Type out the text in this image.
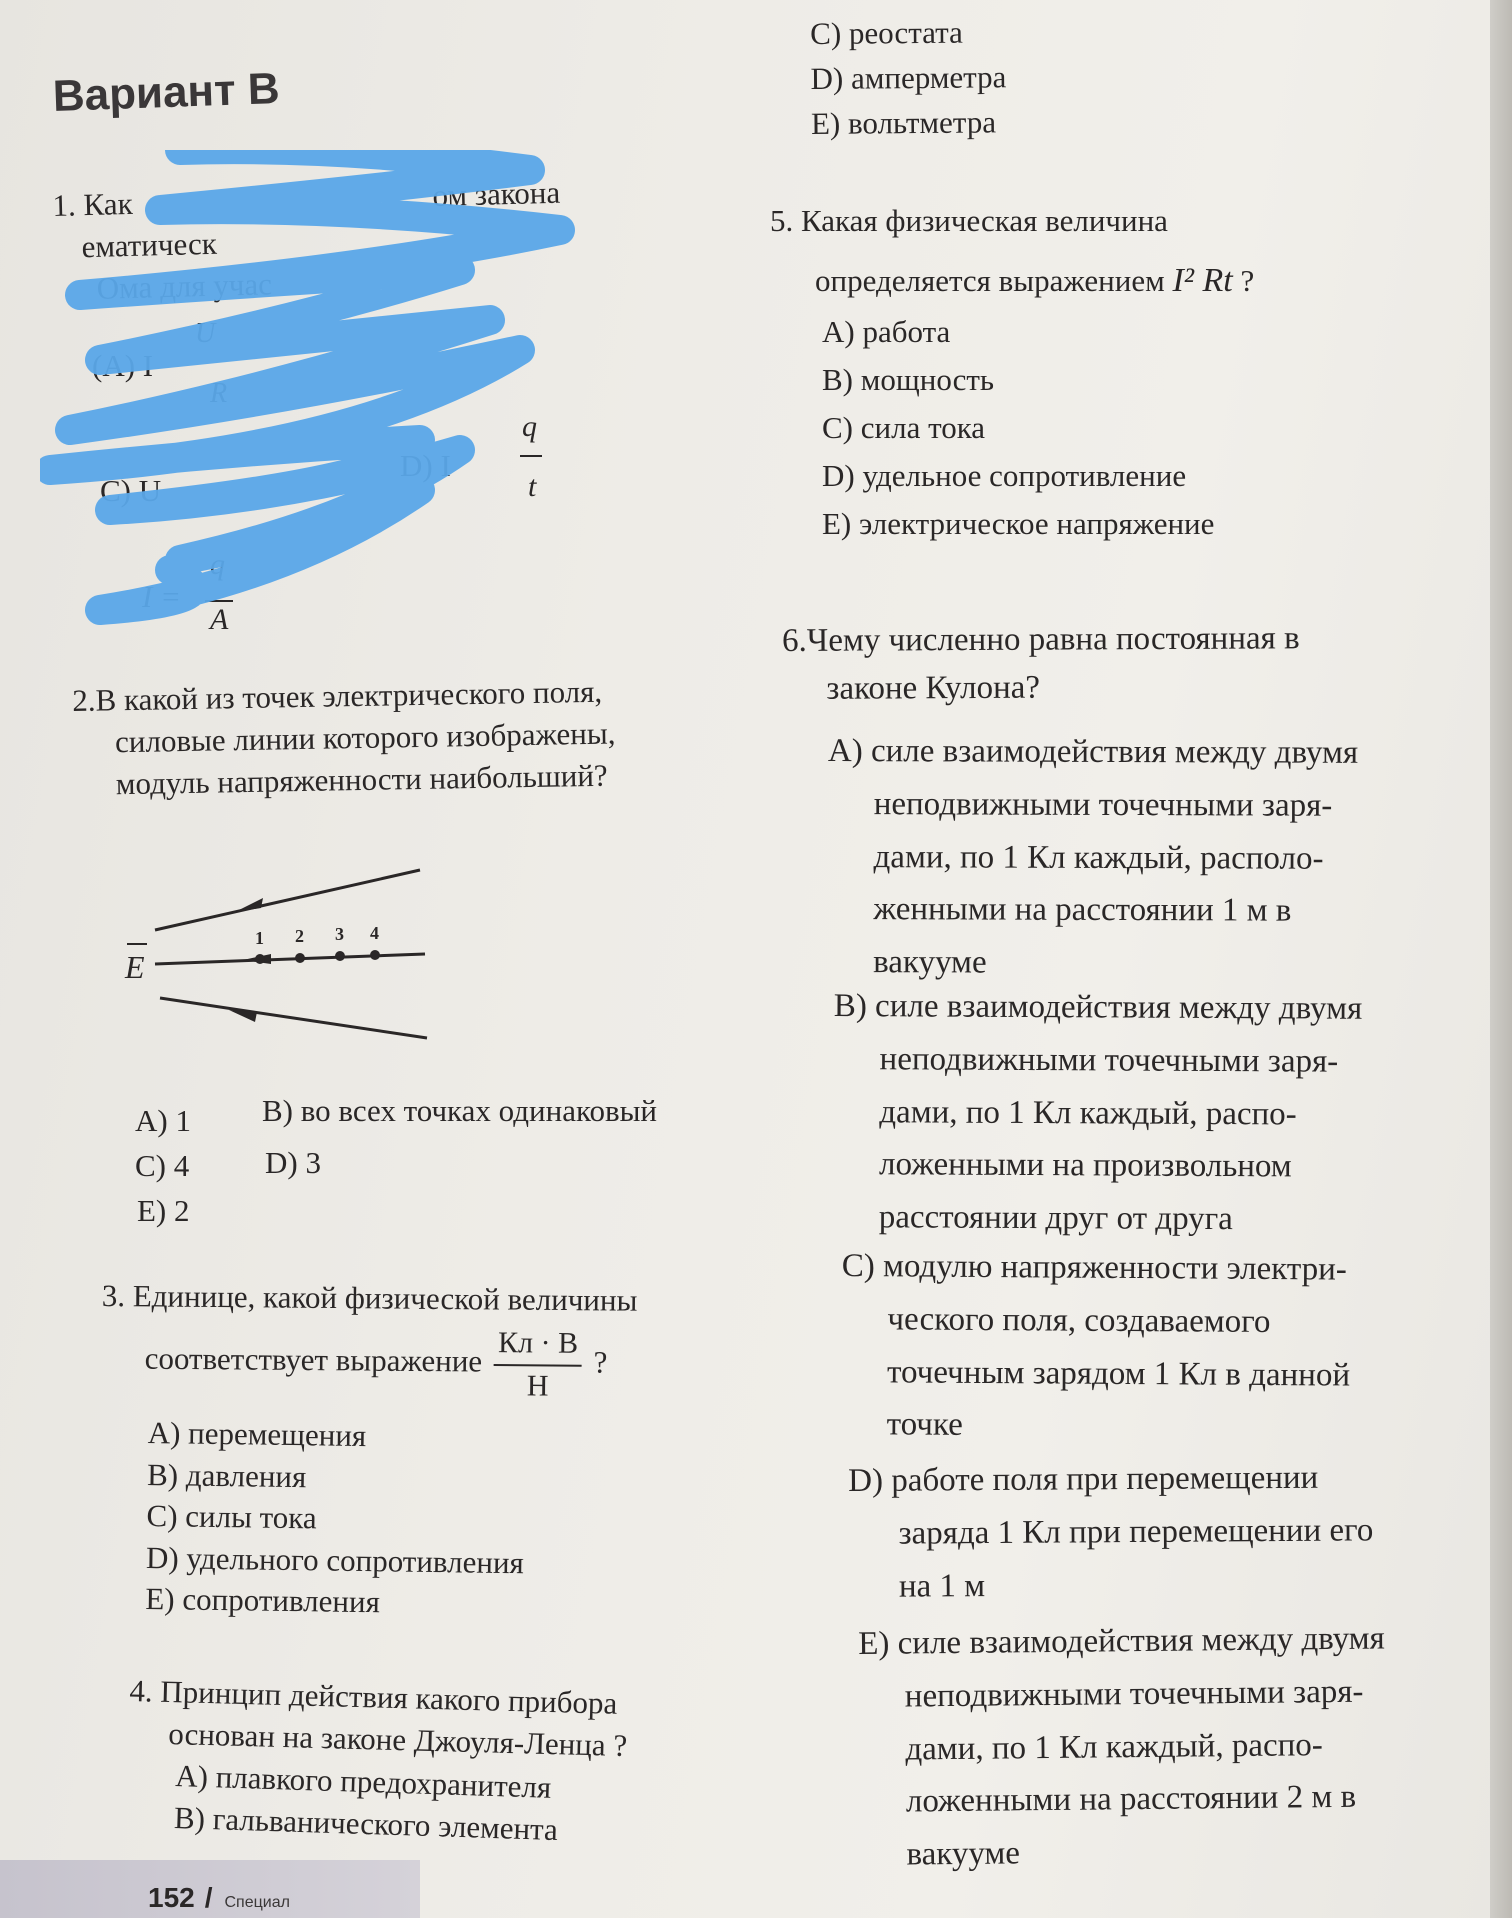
Вариант В
1. Как	ом закона
ематическ
Ома для учас
(A) I
U
R
C) U
D) I
q
t
I =
q
A
2.В какой из точек электрического поля,
силовые линии которого изображены,
модуль напряженности наибольший?
1 2 3 4
E
A) 1 B) во всех точках одинаковый
C) 4 D) 3
E) 2
3. Единице, какой физической величины
соответствует выражение $\frac{Кл \cdot В}{Н}$ ?
A) перемещения
B) давления
C) силы тока
D) удельного сопротивления
E) сопротивления
4. Принцип действия какого прибора
основан на законе Джоуля-Ленца ?
A) плавкого предохранителя
B) гальванического элемента
C) реостата
D) амперметра
E) вольтметра
5. Какая физическая величина
определяется выражением I² Rt ?
A) работа
B) мощность
C) сила тока
D) удельное сопротивление
E) электрическое напряжение
6.Чему численно равна постоянная в
законе Кулона?
A) силе взаимодействия между двумя
неподвижными точечными заря-
дами, по 1 Кл каждый, располо-
женными на расстоянии 1 м в
вакууме
B) силе взаимодействия между двумя
неподвижными точечными заря-
дами, по 1 Кл каждый, распо-
ложенными на произвольном
расстоянии друг от друга
C) модулю напряженности электри-
ческого поля, создаваемого
точечным зарядом 1 Кл в данной
точке
D) работе поля при перемещении
заряда 1 Кл при перемещении его
на 1 м
E) силе взаимодействия между двумя
неподвижными точечными заря-
дами, по 1 Кл каждый, распо-
ложенными на расстоянии 2 м в
вакууме
152 / Специал
